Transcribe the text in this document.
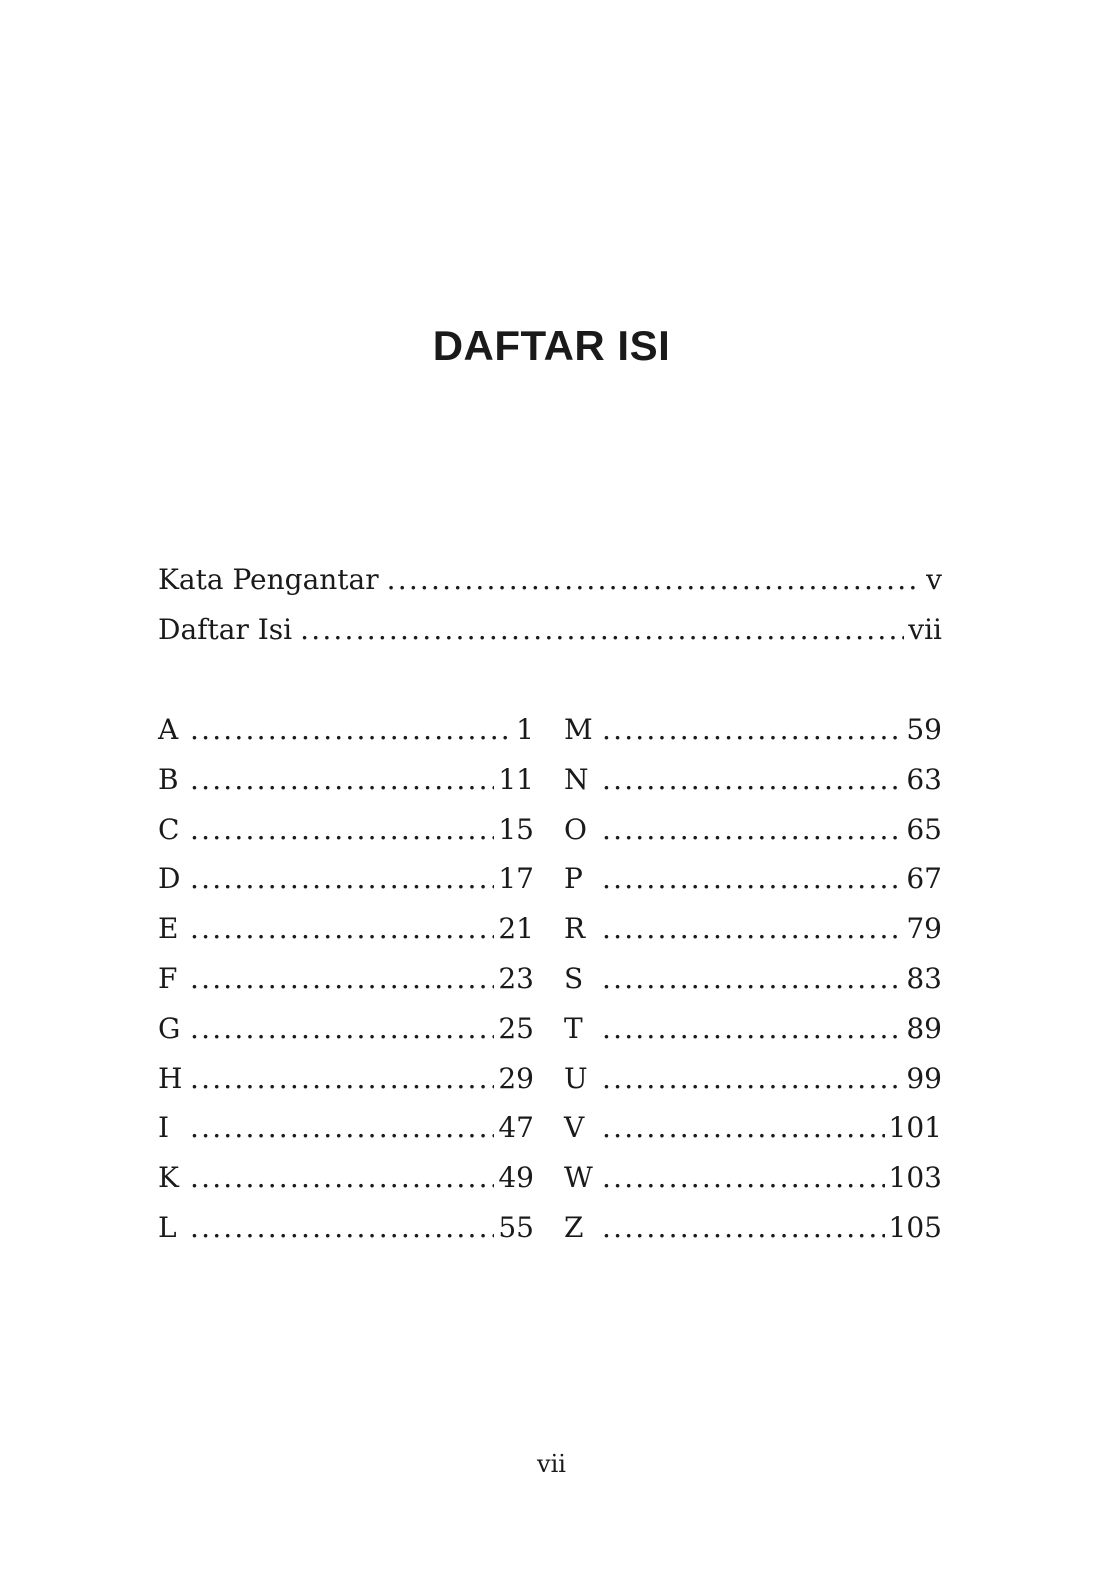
DAFTAR ISI
Kata Pengantar .....	v
Daftar Isi .....	vii
A .....	1
B .....	11
C .....	15
D .....	17
E .....	21
F .....	23
G .....	25
H .....	29
I .....	47
K .....	49
L .....	55
M .....	59
N .....	63
O .....	65
P .....	67
R .....	79
S .....	83
T .....	89
U .....	99
V .....	101
W .....	103
Z .....	105
vii
